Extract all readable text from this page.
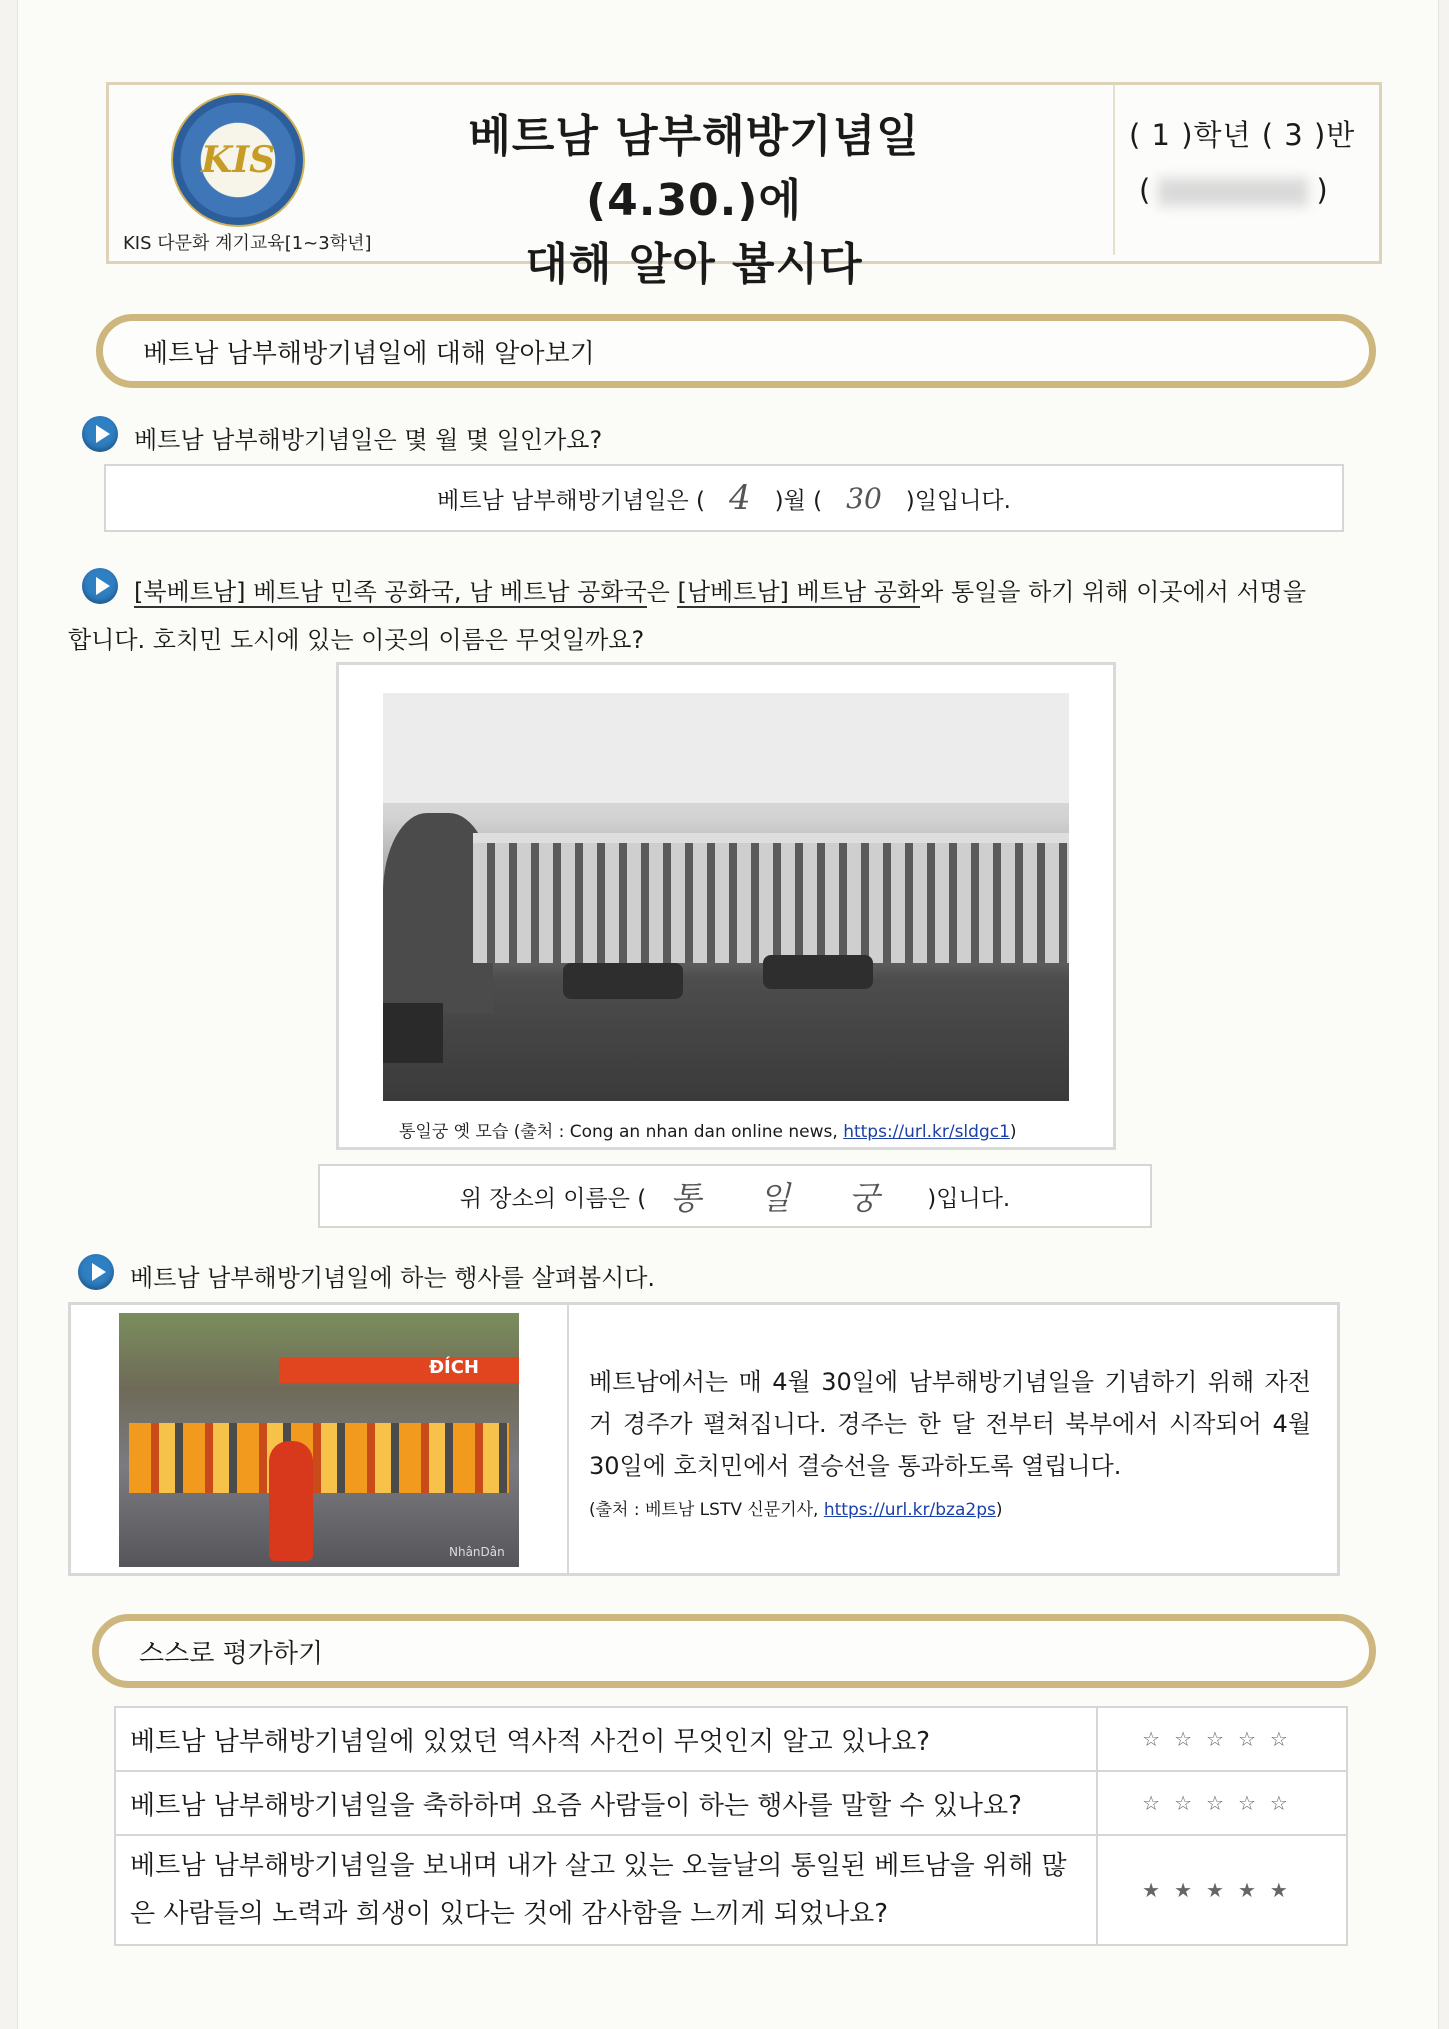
KIS
KIS 다문화 계기교육[1~3학년]
베트남 남부해방기념일(4.30.)에
대해 알아 봅시다
( 1 )학년 ( 3 )반
(	)
베트남 남부해방기념일에 대해 알아보기
베트남 남부해방기념일은 몇 월 몇 일인가요?
베트남 남부해방기념일은 ( 4 )월 ( 30 )일입니다.
[북베트남] 베트남 민족 공화국, 남 베트남 공화국은 [남베트남] 베트남 공화와 통일을 하기 위해 이곳에서 서명을
합니다. 호치민 도시에 있는 이곳의 이름은 무엇일까요?
통일궁 옛 모습 (출처 : Cong an nhan dan online news, https://url.kr/sldgc1)
위 장소의 이름은 ( 통 일 궁 )입니다.
베트남 남부해방기념일에 하는 행사를 살펴봅시다.
ĐÍCH
NhânDân
베트남에서는 매 4월 30일에 남부해방기념일을 기념하기 위해 자전거 경주가 펼쳐집니다. 경주는 한 달 전부터 북부에서 시작되어 4월 30일에 호치민에서 결승선을 통과하도록 열립니다.
(출처 : 베트남 LSTV 신문기사, https://url.kr/bza2ps)
스스로 평가하기
베트남 남부해방기념일에 있었던 역사적 사건이 무엇인지 알고 있나요?	☆☆☆☆☆
베트남 남부해방기념일을 축하하며 요즘 사람들이 하는 행사를 말할 수 있나요?	☆☆☆☆☆
베트남 남부해방기념일을 보내며 내가 살고 있는 오늘날의 통일된 베트남을 위해 많은 사람들의 노력과 희생이 있다는 것에 감사함을 느끼게 되었나요?	★★★★★
